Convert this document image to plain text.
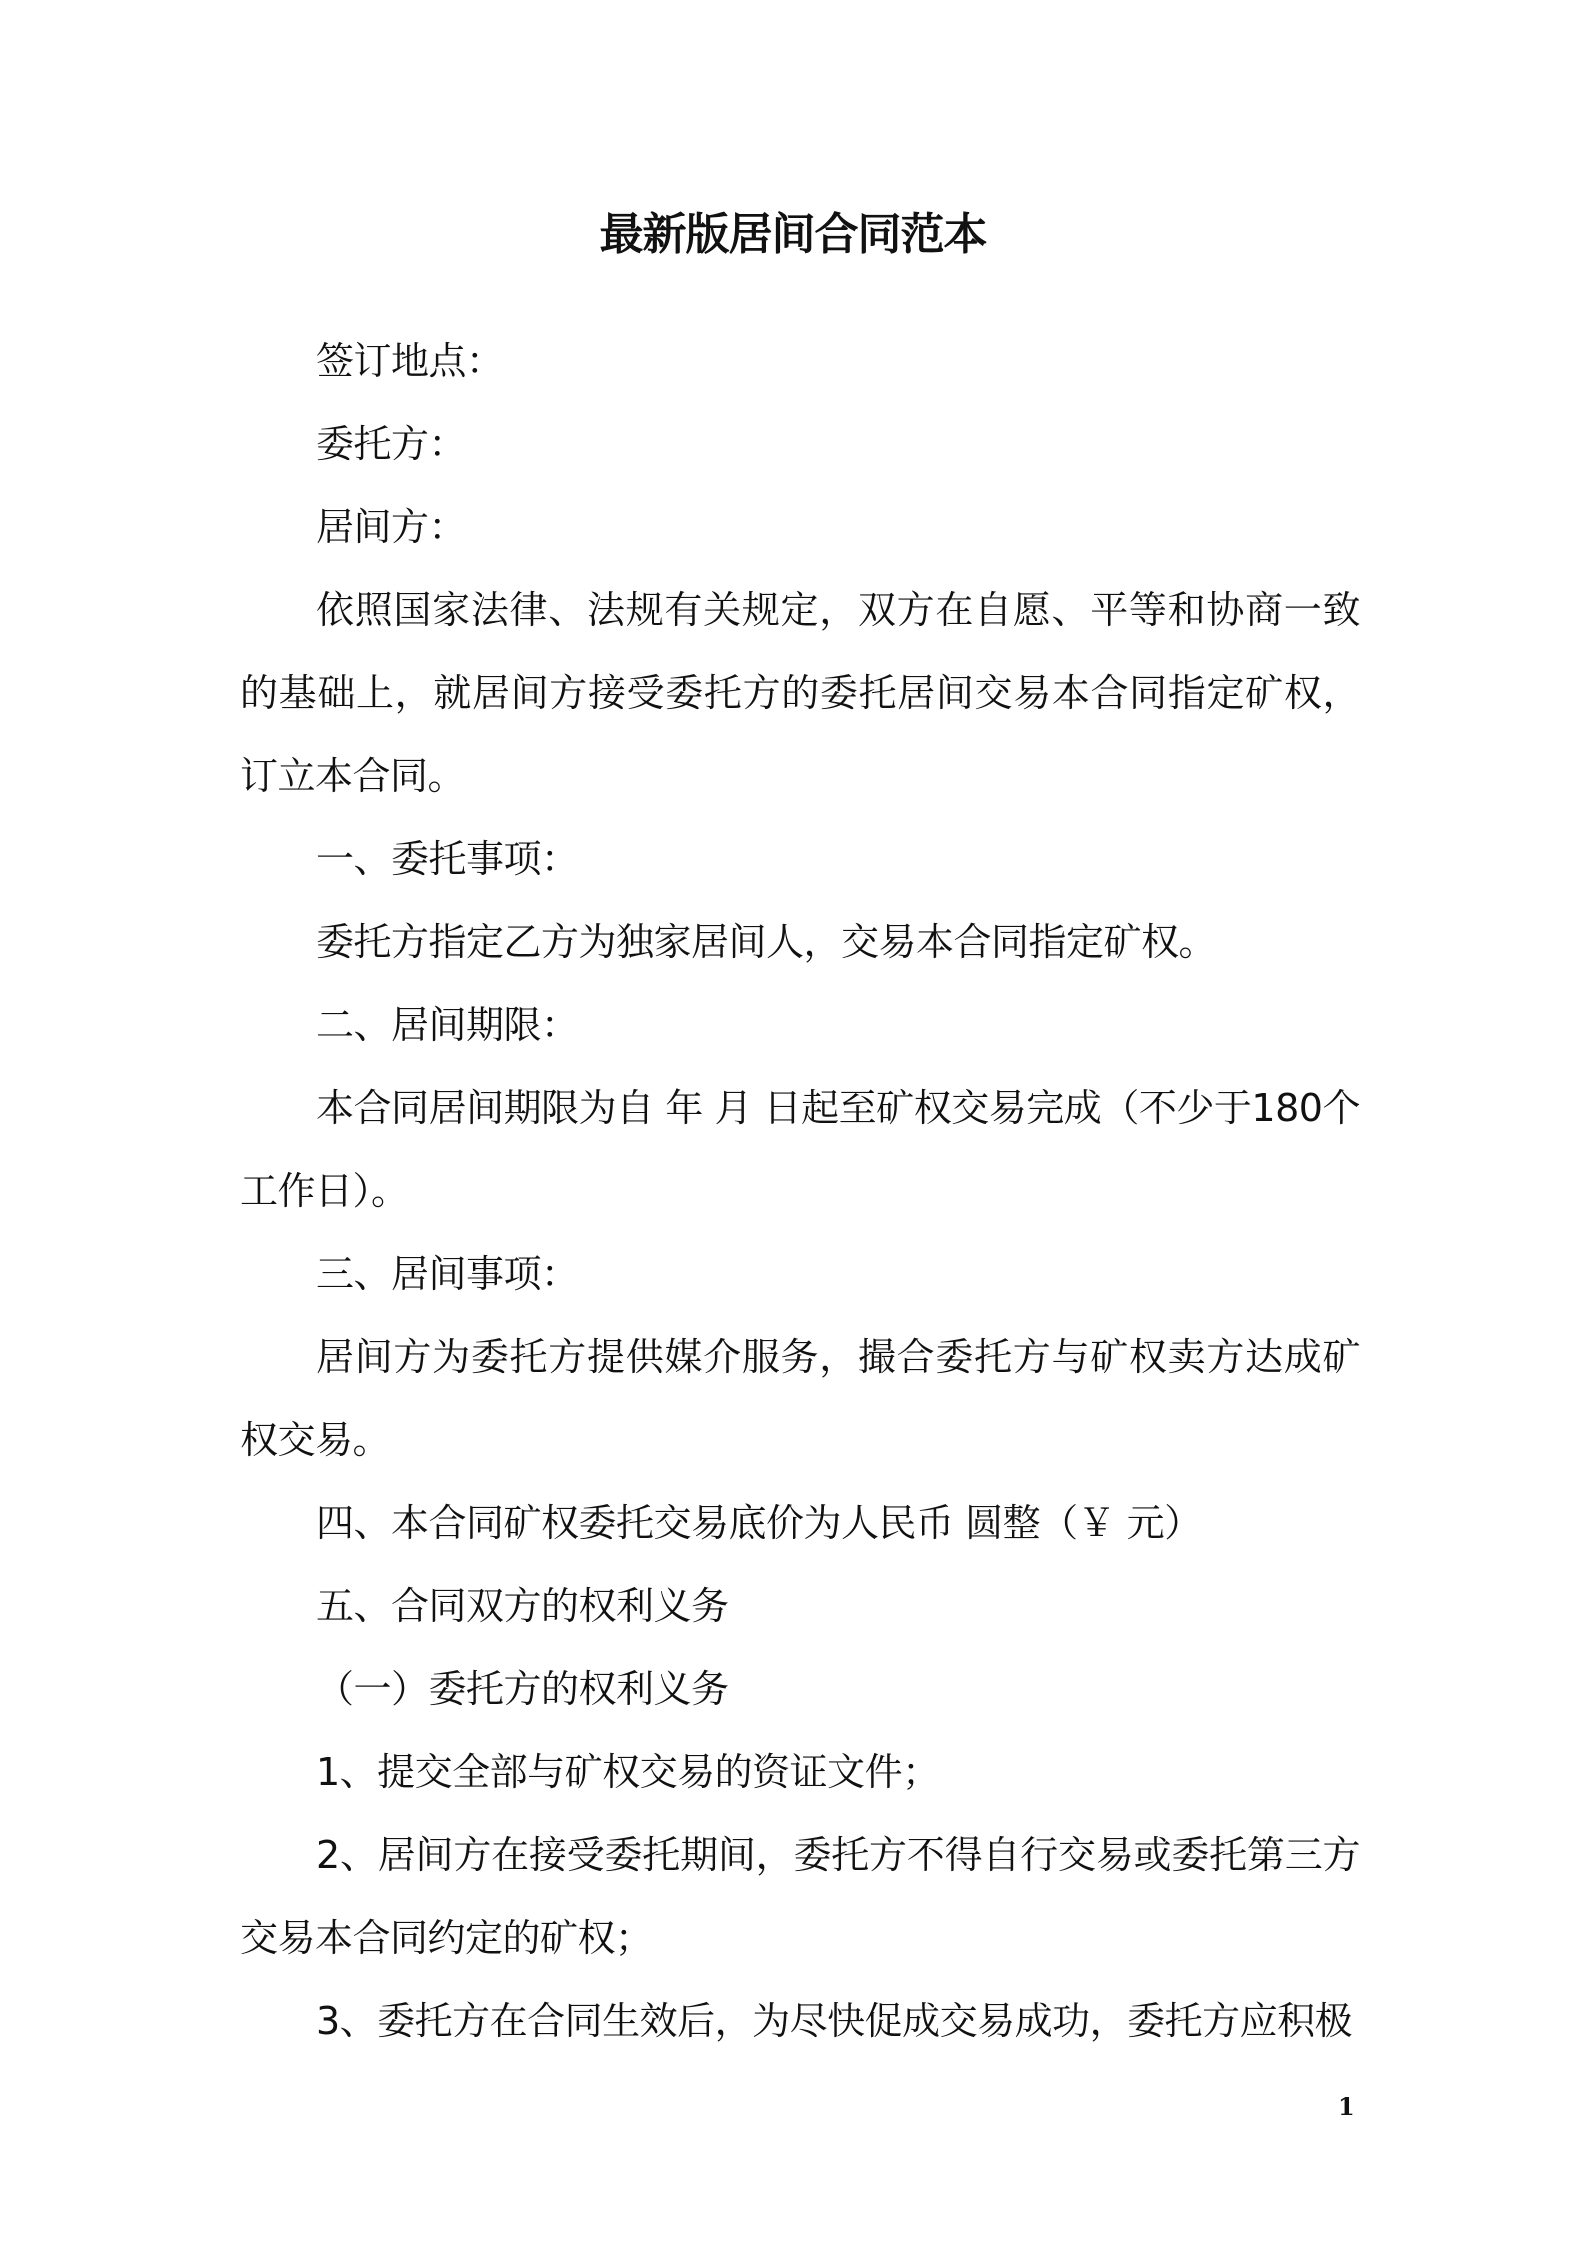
最新版居间合同范本

签订地点：

委托方：

居间方：

依照国家法律、法规有关规定，双方在自愿、平等和协商一致的基础上，就居间方接受委托方的委托居间交易本合同指定矿权，订立本合同。

一、委托事项：

委托方指定乙方为独家居间人，交易本合同指定矿权。

二、居间期限：

本合同居间期限为自 年 月 日起至矿权交易完成（不少于180个工作日）。

三、居间事项：

居间方为委托方提供媒介服务，撮合委托方与矿权卖方达成矿权交易。

四、本合同矿权委托交易底价为人民币 圆整（￥ 元）

五、合同双方的权利义务

（一）委托方的权利义务

1、提交全部与矿权交易的资证文件；

2、居间方在接受委托期间，委托方不得自行交易或委托第三方交易本合同约定的矿权；

3、委托方在合同生效后，为尽快促成交易成功，委托方应积极

1
